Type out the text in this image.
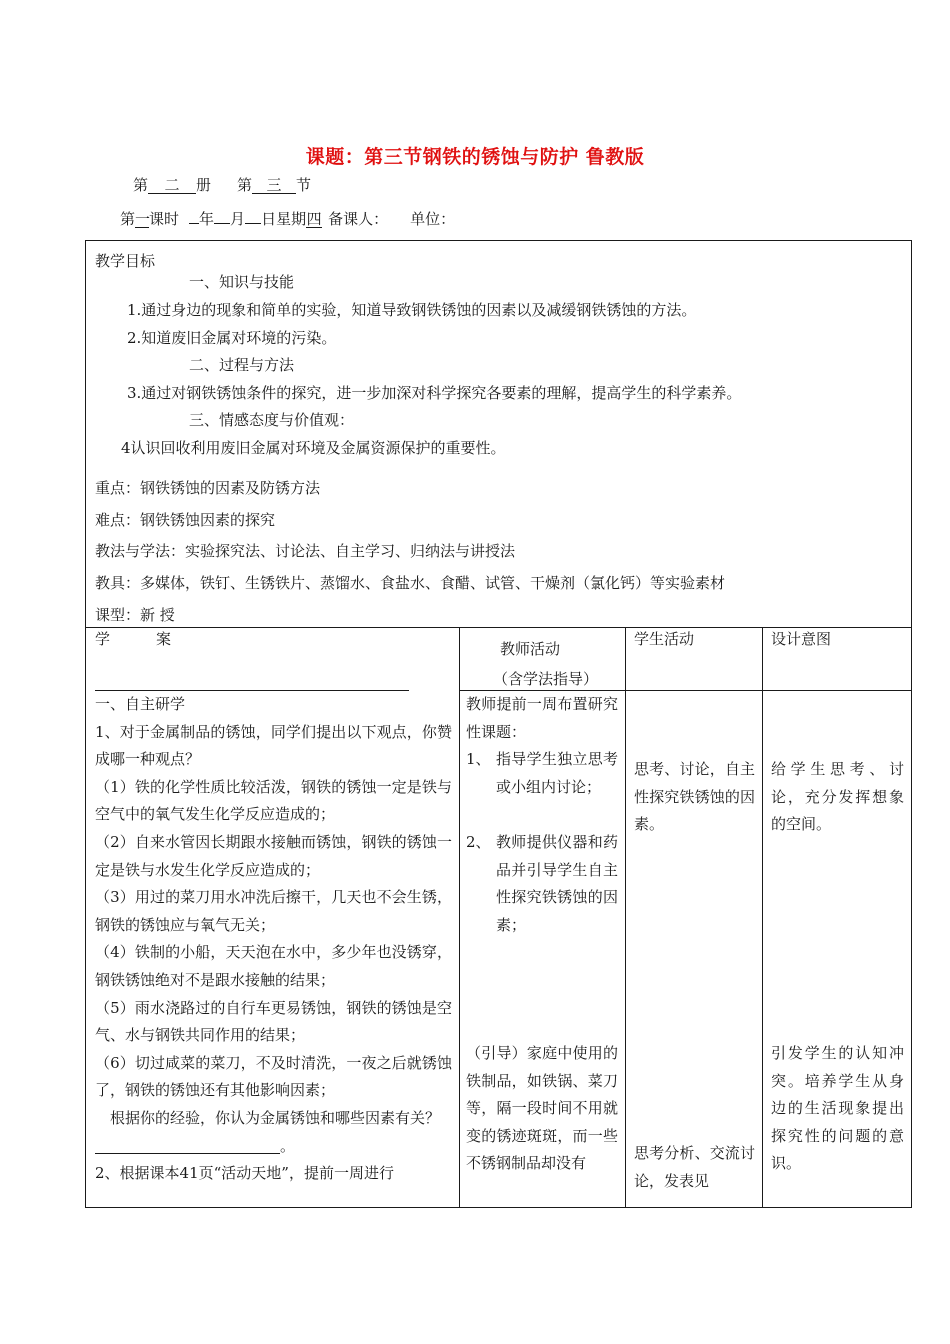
课题：第三节钢铁的锈蚀与防护 鲁教版
第 二 册 第 三 节
第一课时 年 月 日星期四 备课人： 单位：
教学目标
一、知识与技能
1.通过身边的现象和简单的实验，知道导致钢铁锈蚀的因素以及减缓钢铁锈蚀的方法。
2.知道废旧金属对环境的污染。
二、过程与方法
3.通过对钢铁锈蚀条件的探究，进一步加深对科学探究各要素的理解，提高学生的科学素养。
三、情感态度与价值观：
4认识回收利用废旧金属对环境及金属资源保护的重要性。
重点：钢铁锈蚀的因素及防锈方法
难点：钢铁锈蚀因素的探究
教法与学法：实验探究法、讨论法、自主学习、归纳法与讲授法
教具：多媒体，铁钉、生锈铁片、蒸馏水、食盐水、食醋、试管、干燥剂（氯化钙）等实验素材
课型：新 授
学	案
教师活动
（含学法指导）
学生活动	设计意图
一、自主研学
1、对于金属制品的锈蚀，同学们提出以下观点，你赞成哪一种观点？
（1）铁的化学性质比较活泼，钢铁的锈蚀一定是铁与空气中的氧气发生化学反应造成的；
（2）自来水管因长期跟水接触而锈蚀，钢铁的锈蚀一定是铁与水发生化学反应造成的；
（3）用过的菜刀用水冲洗后擦干，几天也不会生锈，钢铁的锈蚀应与氧气无关；
（4）铁制的小船，天天泡在水中，多少年也没锈穿，钢铁锈蚀绝对不是跟水接触的结果；
（5）雨水浇路过的自行车更易锈蚀，钢铁的锈蚀是空气、水与钢铁共同作用的结果；
（6）切过咸菜的菜刀，不及时清洗，一夜之后就锈蚀了，钢铁的锈蚀还有其他影响因素；
根据你的经验，你认为金属锈蚀和哪些因素有关？
。
2、根据课本41页“活动天地”，提前一周进行
教师提前一周布置研究性课题：
1、 指导学生独立思考或小组内讨论；
2、 教师提供仪器和药品并引导学生自主性探究铁锈蚀的因素；
（引导）家庭中使用的铁制品，如铁锅、菜刀等，隔一段时间不用就变的锈迹斑斑，而一些不锈钢制品却没有
思考、讨论，自主性探究铁锈蚀的因素。
思考分析、交流讨论，发表见
给学生思考、讨论，充分发挥想象的空间。
引发学生的认知冲突。培养学生从身边的生活现象提出探究性的问题的意识。
